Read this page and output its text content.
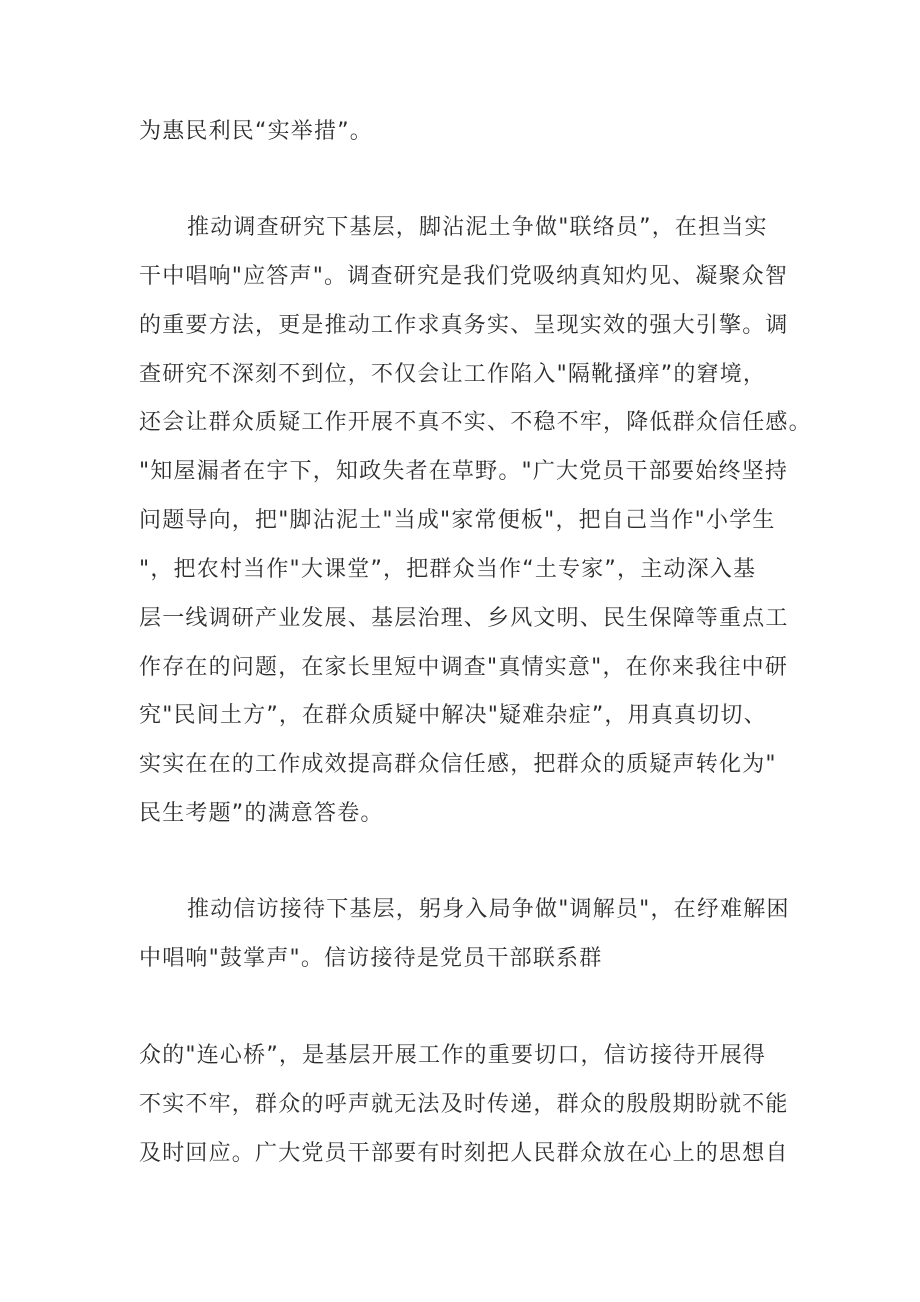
为惠民利民“实举措”。
推动调查研究下基层，脚沾泥土争做"联络员”，在担当实
干中唱响"应答声"。调查研究是我们党吸纳真知灼见、凝聚众智
的重要方法，更是推动工作求真务实、呈现实效的强大引擎。调
查研究不深刻不到位，不仅会让工作陷入"隔靴搔痒”的窘境，
还会让群众质疑工作开展不真不实、不稳不牢，降低群众信任感。
"知屋漏者在宇下，知政失者在草野。"广大党员干部要始终坚持
问题导向，把"脚沾泥土"当成"家常便板"，把自己当作"小学生
"，把农村当作"大课堂”，把群众当作“土专家”，主动深入基
层一线调研产业发展、基层治理、乡风文明、民生保障等重点工
作存在的问题，在家长里短中调查"真情实意"，在你来我往中研
究"民间土方”，在群众质疑中解决"疑难杂症”，用真真切切、
实实在在的工作成效提高群众信任感，把群众的质疑声转化为"
民生考题”的满意答卷。
推动信访接待下基层，躬身入局争做"调解员"，在纾难解困
中唱响"鼓掌声"。信访接待是党员干部联系群
众的"连心桥”，是基层开展工作的重要切口，信访接待开展得
不实不牢，群众的呼声就无法及时传递，群众的殷殷期盼就不能
及时回应。广大党员干部要有时刻把人民群众放在心上的思想自
